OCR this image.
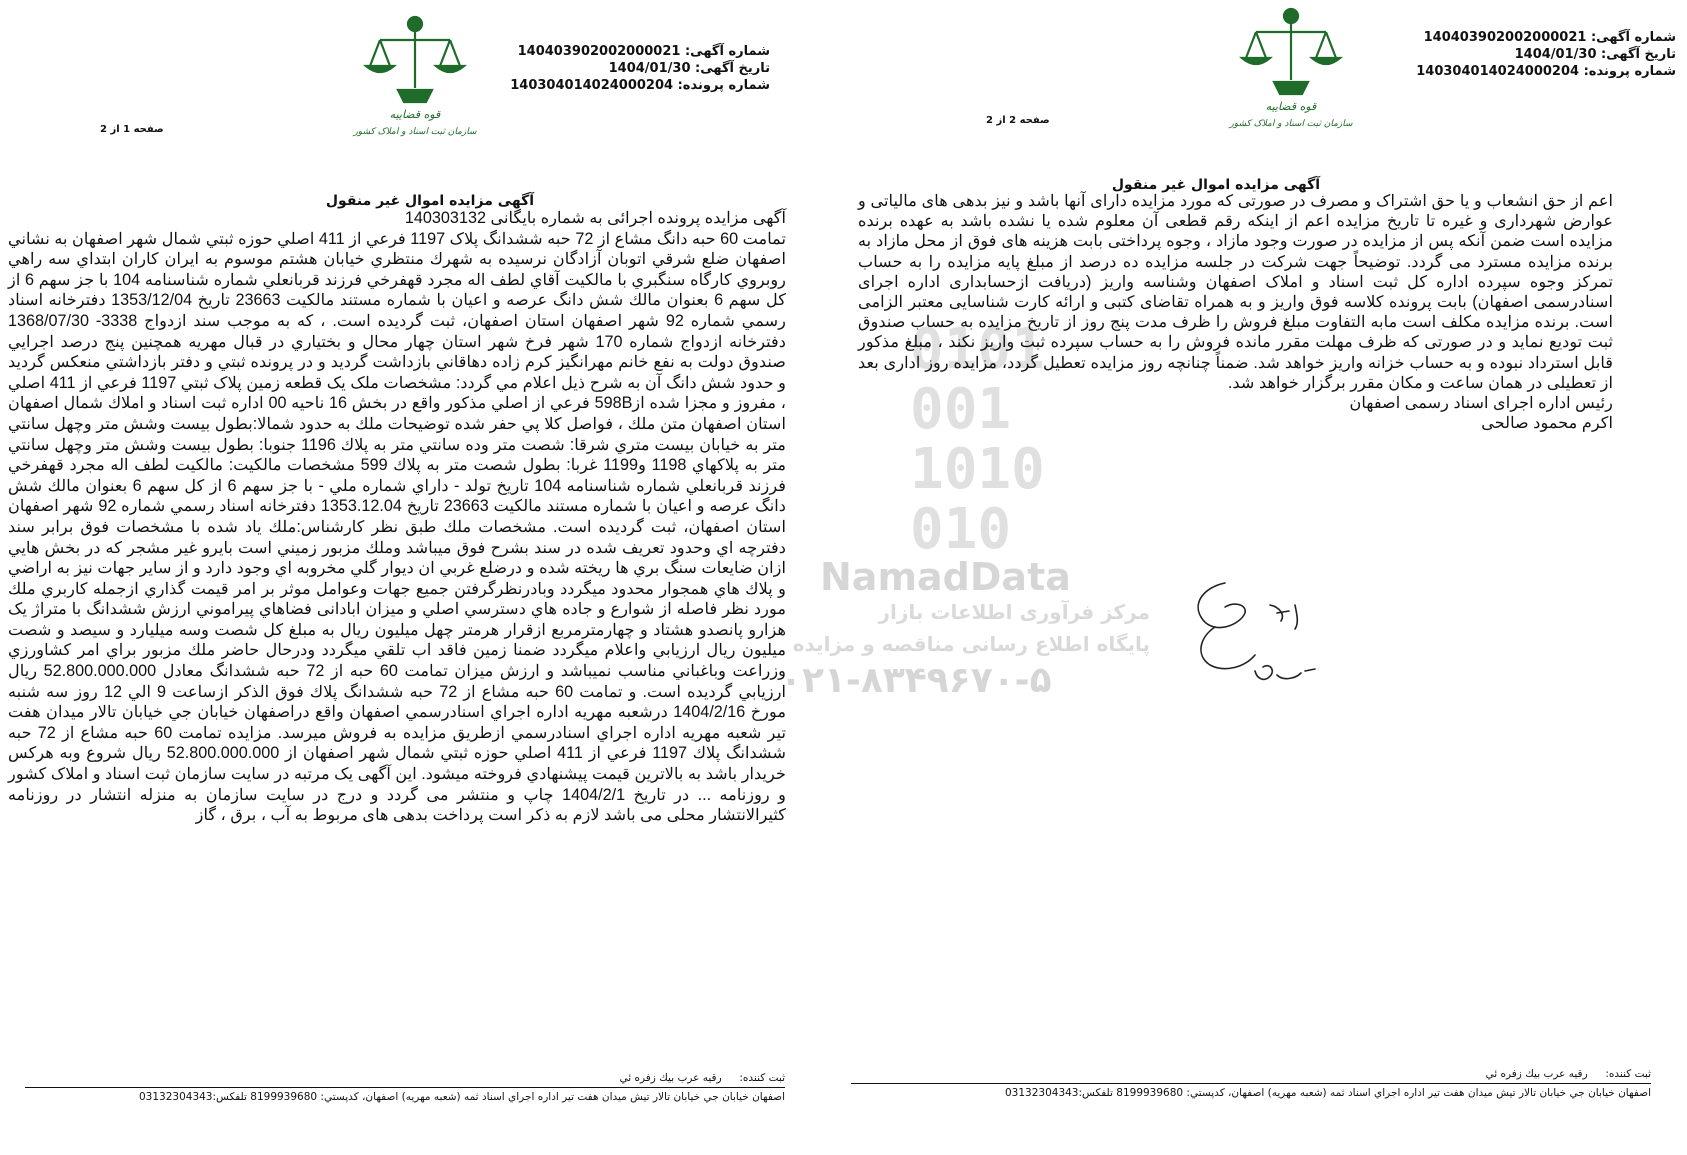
شماره آگهی: 140403902002000021
تاریخ آگهی: 1404/01/30
شماره پرونده: 140304014024000204
قوه قضاییه
سازمان ثبت اسناد و املاک کشور
صفحه 1 از 2
آگهی مزایده اموال غیر منقول

آگهی مزایده پرونده اجرائی به شماره بایگانی 140303132

تمامت 60 حبه دانگ مشاع از 72 حبه ششدانگ پلاک 1197 فرعي از 411 اصلي حوزه ثبتي شمال شهر اصفهان به نشاني اصفهان ضلع شرقي اتوبان آزادگان نرسيده به شهرك منتظري خيابان هشتم موسوم به ايران كاران ابتداي سه راهي روبروي كارگاه سنگبري با مالكيت آقاي لطف اله مجرد قهفرخي فرزند قربانعلي شماره شناسنامه 104 با جز سهم 6 از كل سهم 6 بعنوان مالك شش دانگ عرصه و اعيان با شماره مستند مالكيت 23663 تاريخ 1353/12/04 دفترخانه اسناد رسمي شماره 92 شهر اصفهان استان اصفهان، ثبت گرديده است. ، كه به موجب سند ازدواج 3338- 1368/07/30 دفترخانه ازدواج شماره 170 شهر فرخ شهر استان چهار محال و بختياري در قبال مهريه همچنين پنج درصد اجرايي صندوق دولت به نفع خانم مهرانگيز كرم زاده دهاقاني بازداشت گرديد و در پرونده ثبتي و دفتر بازداشتي منعكس گرديد و حدود شش دانگ آن به شرح ذيل اعلام مي گردد: مشخصات ملک يک قطعه زمين پلاک ثبتي 1197 فرعي از 411 اصلي ، مفروز و مجزا شده از598B فرعي از اصلي مذكور واقع در بخش 16 ناحيه 00 اداره ثبت اسناد و املاك شمال اصفهان استان اصفهان متن ملك ، فواصل كلا پي حفر شده توضيحات ملك به حدود شمالا:بطول بيست وشش متر وچهل سانتي متر به خيابان بيست متري شرقا: شصت متر وده سانتي متر به پلاك 1196 جنوبا: بطول بيست وشش متر وچهل سانتي متر به پلاكهاي 1198 و1199 غربا: بطول شصت متر به پلاك 599 مشخصات مالکيت: مالكيت لطف اله مجرد قهفرخي فرزند قربانعلي شماره شناسنامه 104 تاريخ تولد - داراي شماره ملي - با جز سهم 6 از كل سهم 6 بعنوان مالك شش دانگ عرصه و اعيان با شماره مستند مالكيت 23663 تاريخ 1353.12.04 دفترخانه اسناد رسمي شماره 92 شهر اصفهان استان اصفهان، ثبت گرديده است. مشخصات ملك طبق نظر كارشناس:ملك ياد شده با مشخصات فوق برابر سند دفترچه اي وحدود تعريف شده در سند بشرح فوق ميباشد وملك مزبور زميني است بايرو غير مشجر كه در بخش هايي ازان ضايعات سنگ بري ها ريخته شده و درضلع غربي ان ديوار گلي مخروبه اي وجود دارد و از ساير جهات نيز به اراضي و پلاك هاي همجوار محدود ميگردد وبادرنظرگرفتن جميع جهات وعوامل موثر بر امر قيمت گذاري ازجمله كاربري ملك مورد نظر فاصله از شوارع و جاده هاي دسترسي اصلي و ميزان ابادانی فضاهاي پيراموني ارزش ششدانگ با متراژ يک هزارو پانصدو هشتاد و چهارمترمربع ازقرار هرمتر چهل ميليون ريال به مبلغ كل شصت وسه ميليارد و سيصد و شصت ميليون ريال ارزيابي واعلام ميگردد ضمنا زمين فاقد اب تلقي ميگردد ودرحال حاضر ملك مزبور براي امر كشاورزي وزراعت وباغباني مناسب نميباشد و ارزش ميزان تمامت 60 حبه از 72 حبه ششدانگ معادل 52.800.000.000 ريال ارزيابي گرديده است. و تمامت 60 حبه مشاع از 72 حبه ششدانگ پلاك فوق الذكر ازساعت 9 الي 12 روز سه شنبه مورخ 1404/2/16 درشعبه مهريه اداره اجراي اسنادرسمي اصفهان واقع دراصفهان خيابان جي خيابان تالار ميدان هفت تير شعبه مهريه اداره اجراي اسنادرسمي ازطريق مزايده به فروش ميرسد. مزايده تمامت 60 حبه مشاع از 72 حبه ششدانگ پلاك 1197 فرعي از 411 اصلي حوزه ثبتي شمال شهر اصفهان از 52.800.000.000 ريال شروع وبه هركس خريدار باشد به بالاترين قيمت پيشنهادي فروخته ميشود. این آگهی یک مرتبه در سایت سازمان ثبت اسناد و املاک کشور و روزنامه ... در تاریخ 1404/2/1 چاپ و منتشر می گردد و درج در سایت سازمان به منزله انتشار در روزنامه کثیرالانتشار محلی می باشد لازم به ذکر است پرداخت بدهی های مربوط به آب ، برق ، گاز

ثبت کننده: رقيه عرب بيك زفره ئي
اصفهان خيابان جي خيابان تالار تيش ميدان هفت تير اداره اجراي اسناد ثمه (شعبه مهريه) اصفهان، كدپستي: 8199939680 تلفكس:03132304343
شماره آگهی: 140403902002000021
تاریخ آگهی: 1404/01/30
شماره پرونده: 140304014024000204
قوه قضاییه
سازمان ثبت اسناد و املاک کشور
صفحه 2 از 2
آگهی مزایده اموال غیر منقول

اعم از حق انشعاب و یا حق اشتراک و مصرف در صورتی که مورد مزایده دارای آنها باشد و نیز بدهی های مالیاتی و عوارض شهرداری و غیره تا تاریخ مزایده اعم از اینکه رقم قطعی آن معلوم شده یا نشده باشد به عهده برنده مزایده است ضمن آنکه پس از مزایده در صورت وجود مازاد ، وجوه پرداختی بابت هزینه های فوق از محل مازاد به برنده مزایده مسترد می گردد. توضیحاً جهت شرکت در جلسه مزایده ده درصد از مبلغ پایه مزایده را به حساب تمرکز وجوه سپرده اداره کل ثبت اسناد و املاک اصفهان وشناسه واریز (دریافت ازحسابداری اداره اجرای اسنادرسمی اصفهان) بابت پرونده کلاسه فوق واریز و به همراه تقاضای کتبی و ارائه کارت شناسایی معتبر الزامی است. برنده مزایده مکلف است مابه التفاوت مبلغ فروش را ظرف مدت پنج روز از تاریخ مزایده به حساب صندوق ثبت تودیع نماید و در صورتی که ظرف مهلت مقرر مانده فروش را به حساب سپرده ثبت واریز نکند ، مبلغ مذکور قابل استرداد نبوده و به حساب خزانه واریز خواهد شد. ضمناً چنانچه روز مزایده تعطیل گردد، مزایده روز اداری بعد از تعطیلی در همان ساعت و مکان مقرر برگزار خواهد شد.

رئیس اداره اجرای اسناد رسمی اصفهان

اکرم محمود صالحی

ثبت کننده: رقيه عرب بيك زفره ئي
اصفهان خيابان جي خيابان تالار تيش ميدان هفت تير اداره اجراي اسناد ثمه (شعبه مهريه) اصفهان، كدپستي: 8199939680 تلفكس:03132304343
0101
001
1010
010
NamadData
مرکز فرآوری اطلاعات بازار
پایگاه اطلاع رسانی مناقصه و مزایده
۰۲۱-۸۳۴۹۶۷۰-۵
